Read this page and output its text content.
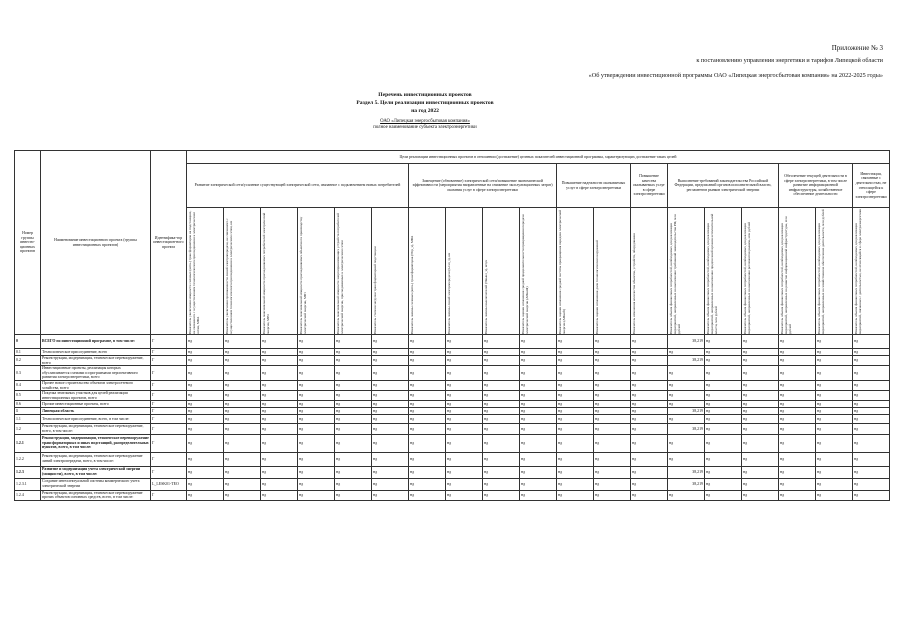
Приложение № 3
к постановлению управления энергетики и тарифов Липецкой области
«Об утверждении инвестиционной программы ОАО «Липецкая энергосбытовая компания» на 2022-2025 годы»
Перечень инвестиционных проектов
Раздел 5. Цели реализации инвестиционных проектов
на год 2022
ОАО «Липецкая энергосбытовая компания»
полное наименование субъекта электроэнергетики
Номер группы инвести-ционных проектов	Наименование инвестиционного проекта (группы инвестиционных проектов)	Идентифика-тор инвестицион-ного проекта	Цели реализации инвестиционных проектов в отношении (достижение) целевых показателей инвестиционной программы, характеризующих достижение таких целей																		
			Развитие электрической сети/усиление существующей электрической сети, связанное с подключением новых потребителей						Замещение (обновление) электрической сети/повышение экономической эффективности (мероприятия направленные на снижение эксплуатационных затрат) оказания услуг в сфере электроэнергетики				Повышение надежности оказываемых услуг в сфере электроэнергетики		Повышение качества оказываемых услуг в сфере электроэнергетики	Выполнение требований законодательства Российской Федерации, предписаний органов исполнительной власти, регламентов рынков электрической энергии			Обеспечение текущей деятельности в сфере электроэнергетики, в том числе развитие информационной инфраструктуры, хозяйственное обеспечение деятельности		Инвестиции, связанные с деятельностью, не относящейся к сфере электроэнергетики

			Показатель увеличения мощности силовых (авто-) трансформаторов на подстанциях, не связанного с осуществлением технологического присоединения к электрическим сетям, МВА	Показатель увеличения протяженности линий электропередачи, не связанного с осуществлением технологического присоединения к электрическим сетям, км	Показатель максимальной мощности присоединяемых потребителей электрической энергии, МВт	Показатель максимальной мощности присоединяемых объектов по производству электрической энергии, МВт	Показатель максимальной мощности энергопринимающих устройств потребителей электрической энергии, присоединяемых к электрическим сетям	Показатель степени загрузки трансформаторной подстанции	Показатель замены силовых (авто-) трансформаторов (Nтр_з), МВА	Показатель замены линий электропередачи (Lлэп_з), км	Показатель замены выключателей (Nвыкл_з), штук	Показатель оценки изменения средней продолжительности прекращения передачи электрической энергии (ΔПsaidi)	Показатель оценки изменения средней частоты прекращения передачи электрической энергии (ΔПsaifi)	Показатель оценки изменения доли технологических нарушений	Показатель изменения количества объектов, устройств, оборудования	Показатель объема финансовых потребностей, необходимых для реализации мероприятий, направленных на выполнение требований законодательства РФ, млн рублей	Показатель объема финансовых потребностей, необходимых для реализации мероприятий, направленных на выполнение предписаний органов исполнительной власти, млн рублей	Показатель объема финансовых потребностей, необходимых для реализации мероприятий, направленных на выполнение регламентов рынков, млн рублей	Показатель объема финансовых потребностей, необходимых для реализации мероприятий, направленных на развитие информационной инфраструктуры, млн рублей	Показатель объема финансовых потребностей, необходимых для реализации мероприятий, направленных на хозяйственное обеспечение деятельности, млн рублей	Показатель объема финансовых потребностей, необходимых для реализации мероприятий, связанных с деятельностью, не относящейся к сфере электроэнергетики

0	ВСЕГО по инвестиционной программе, в том числе:	Г	нд	нд	нд	нд	нд	нд	нд	нд	нд	нд	нд	нд	нд	38,219	нд	нд	нд	нд	нд
0.1	Технологическое присоединение, всего	Г	нд	нд	нд	нд	нд	нд	нд	нд	нд	нд	нд	нд	нд	нд	нд	нд	нд	нд	нд
0.2	Реконструкция, модернизация, техническое перевооружение, всего	Г	нд	нд	нд	нд	нд	нд	нд	нд	нд	нд	нд	нд	нд	38,219	нд	нд	нд	нд	нд
0.3	Инвестиционные проекты, реализация которых обуславливается схемами и программами перспективного развития электроэнергетики, всего	Г	нд	нд	нд	нд	нд	нд	нд	нд	нд	нд	нд	нд	нд	нд	нд	нд	нд	нд	нд
0.4	Прочее новое строительство объектов электросетевого хозяйства, всего	Г	нд	нд	нд	нд	нд	нд	нд	нд	нд	нд	нд	нд	нд	нд	нд	нд	нд	нд	нд
0.5	Покупка земельных участков для целей реализации инвестиционных проектов, всего	Г	нд	нд	нд	нд	нд	нд	нд	нд	нд	нд	нд	нд	нд	нд	нд	нд	нд	нд	нд
0.6	Прочие инвестиционные проекты, всего	Г	нд	нд	нд	нд	нд	нд	нд	нд	нд	нд	нд	нд	нд	нд	нд	нд	нд	нд	нд
1	Липецкая область	Г	нд	нд	нд	нд	нд	нд	нд	нд	нд	нд	нд	нд	нд	38,219	нд	нд	нд	нд	нд
1.1	Технологическое присоединение, всего, в том числе:	Г	нд	нд	нд	нд	нд	нд	нд	нд	нд	нд	нд	нд	нд	нд	нд	нд	нд	нд	нд
1.2	Реконструкция, модернизация, техническое перевооружение, всего, в том числе:	Г	нд	нд	нд	нд	нд	нд	нд	нд	нд	нд	нд	нд	нд	38,219	нд	нд	нд	нд	нд
1.2.1	Реконструкция, модернизация, техническое перевооружение трансформаторных и иных подстанций, распределительных пунктов, всего, в том числе:	Г	нд	нд	нд	нд	нд	нд	нд	нд	нд	нд	нд	нд	нд	нд	нд	нд	нд	нд	нд
1.2.2	Реконструкция, модернизация, техническое перевооружение линий электропередачи, всего, в том числе:	Г	нд	нд	нд	нд	нд	нд	нд	нд	нд	нд	нд	нд	нд	нд	нд	нд	нд	нд	нд
1.2.3	Развитие и модернизация учета электрической энергии (мощности), всего, в том числе:	Г	нд	нд	нд	нд	нд	нд	нд	нд	нд	нд	нд	нд	нд	38,219	нд	нд	нд	нд	нд
1.2.3.1	Создание интеллектуальной системы коммерческого учета электрической энергии	L_LESK01-TEO	нд	нд	нд	нд	нд	нд	нд	нд	нд	нд	нд	нд	нд	38,219	нд	нд	нд	нд	нд
1.2.4	Реконструкция, модернизация, техническое перевооружение прочих объектов основных средств, всего, в том числе:	Г	нд	нд	нд	нд	нд	нд	нд	нд	нд	нд	нд	нд	нд	нд	нд	нд	нд	нд	нд
